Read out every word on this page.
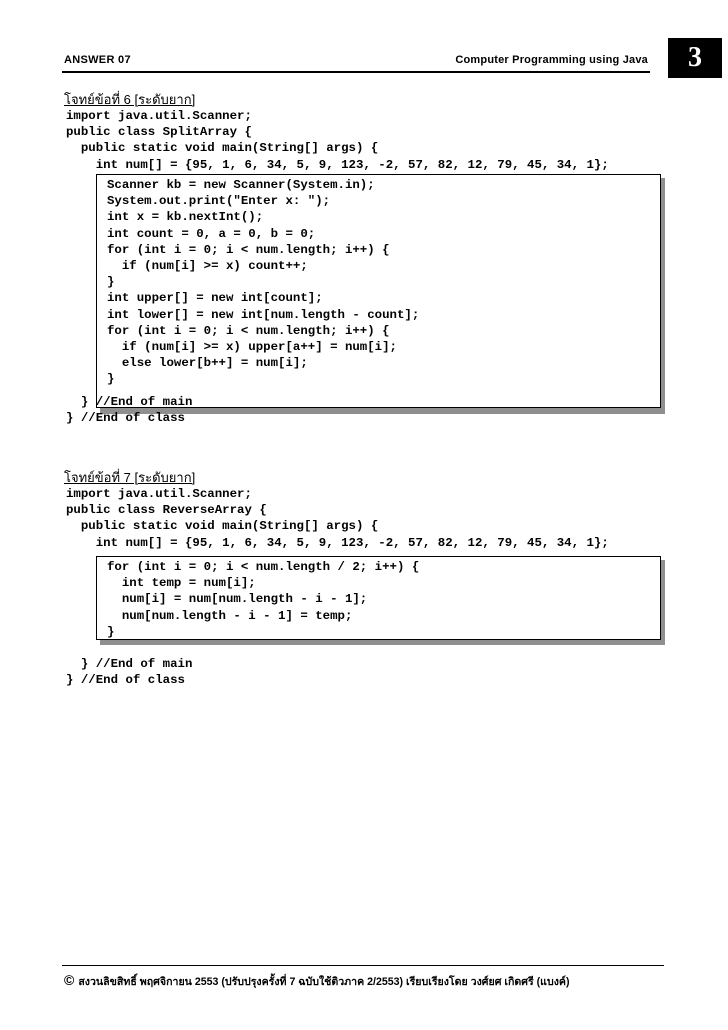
ANSWER 07	Computer Programming using Java	3
โจทย์ข้อที่ 6 [ระดับยาก]
import java.util.Scanner;
public class SplitArray {
public static void main(String[] args) {
int num[] = {95, 1, 6, 34, 5, 9, 123, -2, 57, 82, 12, 79, 45, 34, 1};
Scanner kb = new Scanner(System.in);
System.out.print("Enter x: ");
int x = kb.nextInt();
int count = 0, a = 0, b = 0;
for (int i = 0; i < num.length; i++) {
if (num[i] >= x) count++;
}
int upper[] = new int[count];
int lower[] = new int[num.length - count];
for (int i = 0; i < num.length; i++) {
if (num[i] >= x) upper[a++] = num[i];
else lower[b++] = num[i];
}
} //End of main
} //End of class
โจทย์ข้อที่ 7 [ระดับยาก]
import java.util.Scanner;
public class ReverseArray {
public static void main(String[] args) {
int num[] = {95, 1, 6, 34, 5, 9, 123, -2, 57, 82, 12, 79, 45, 34, 1};
for (int i = 0; i < num.length / 2; i++) {
int temp = num[i];
num[i] = num[num.length - i - 1];
num[num.length - i - 1] = temp;
}
} //End of main
} //End of class
© สงวนลิขสิทธิ์ พฤศจิกายน 2553 (ปรับปรุงครั้งที่ 7 ฉบับใช้ติวภาค 2/2553) เรียบเรียงโดย วงศ์ยศ เกิดศรี (แบงค์)
